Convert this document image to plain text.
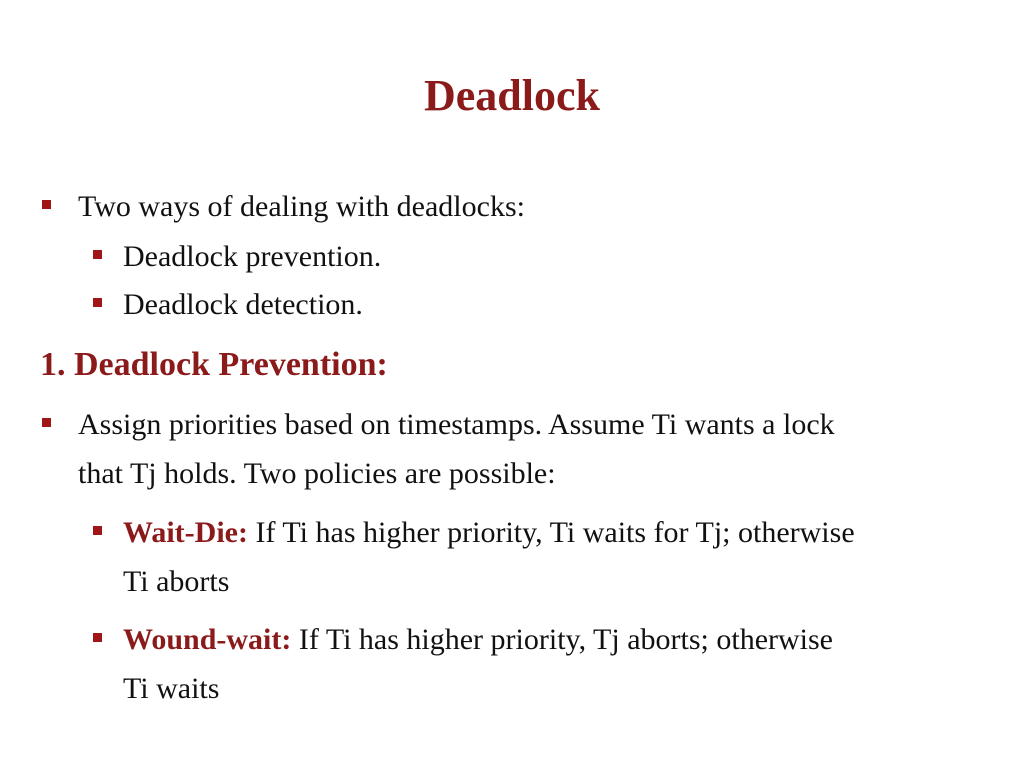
Deadlock
Two ways of dealing with deadlocks:
Deadlock prevention.
Deadlock detection.
1. Deadlock Prevention:
Assign priorities based on timestamps. Assume Ti wants a lock
that Tj holds. Two policies are possible:
Wait-Die: If Ti has higher priority, Ti waits for Tj; otherwise
Ti aborts
Wound-wait: If Ti has higher priority, Tj aborts; otherwise
Ti waits
